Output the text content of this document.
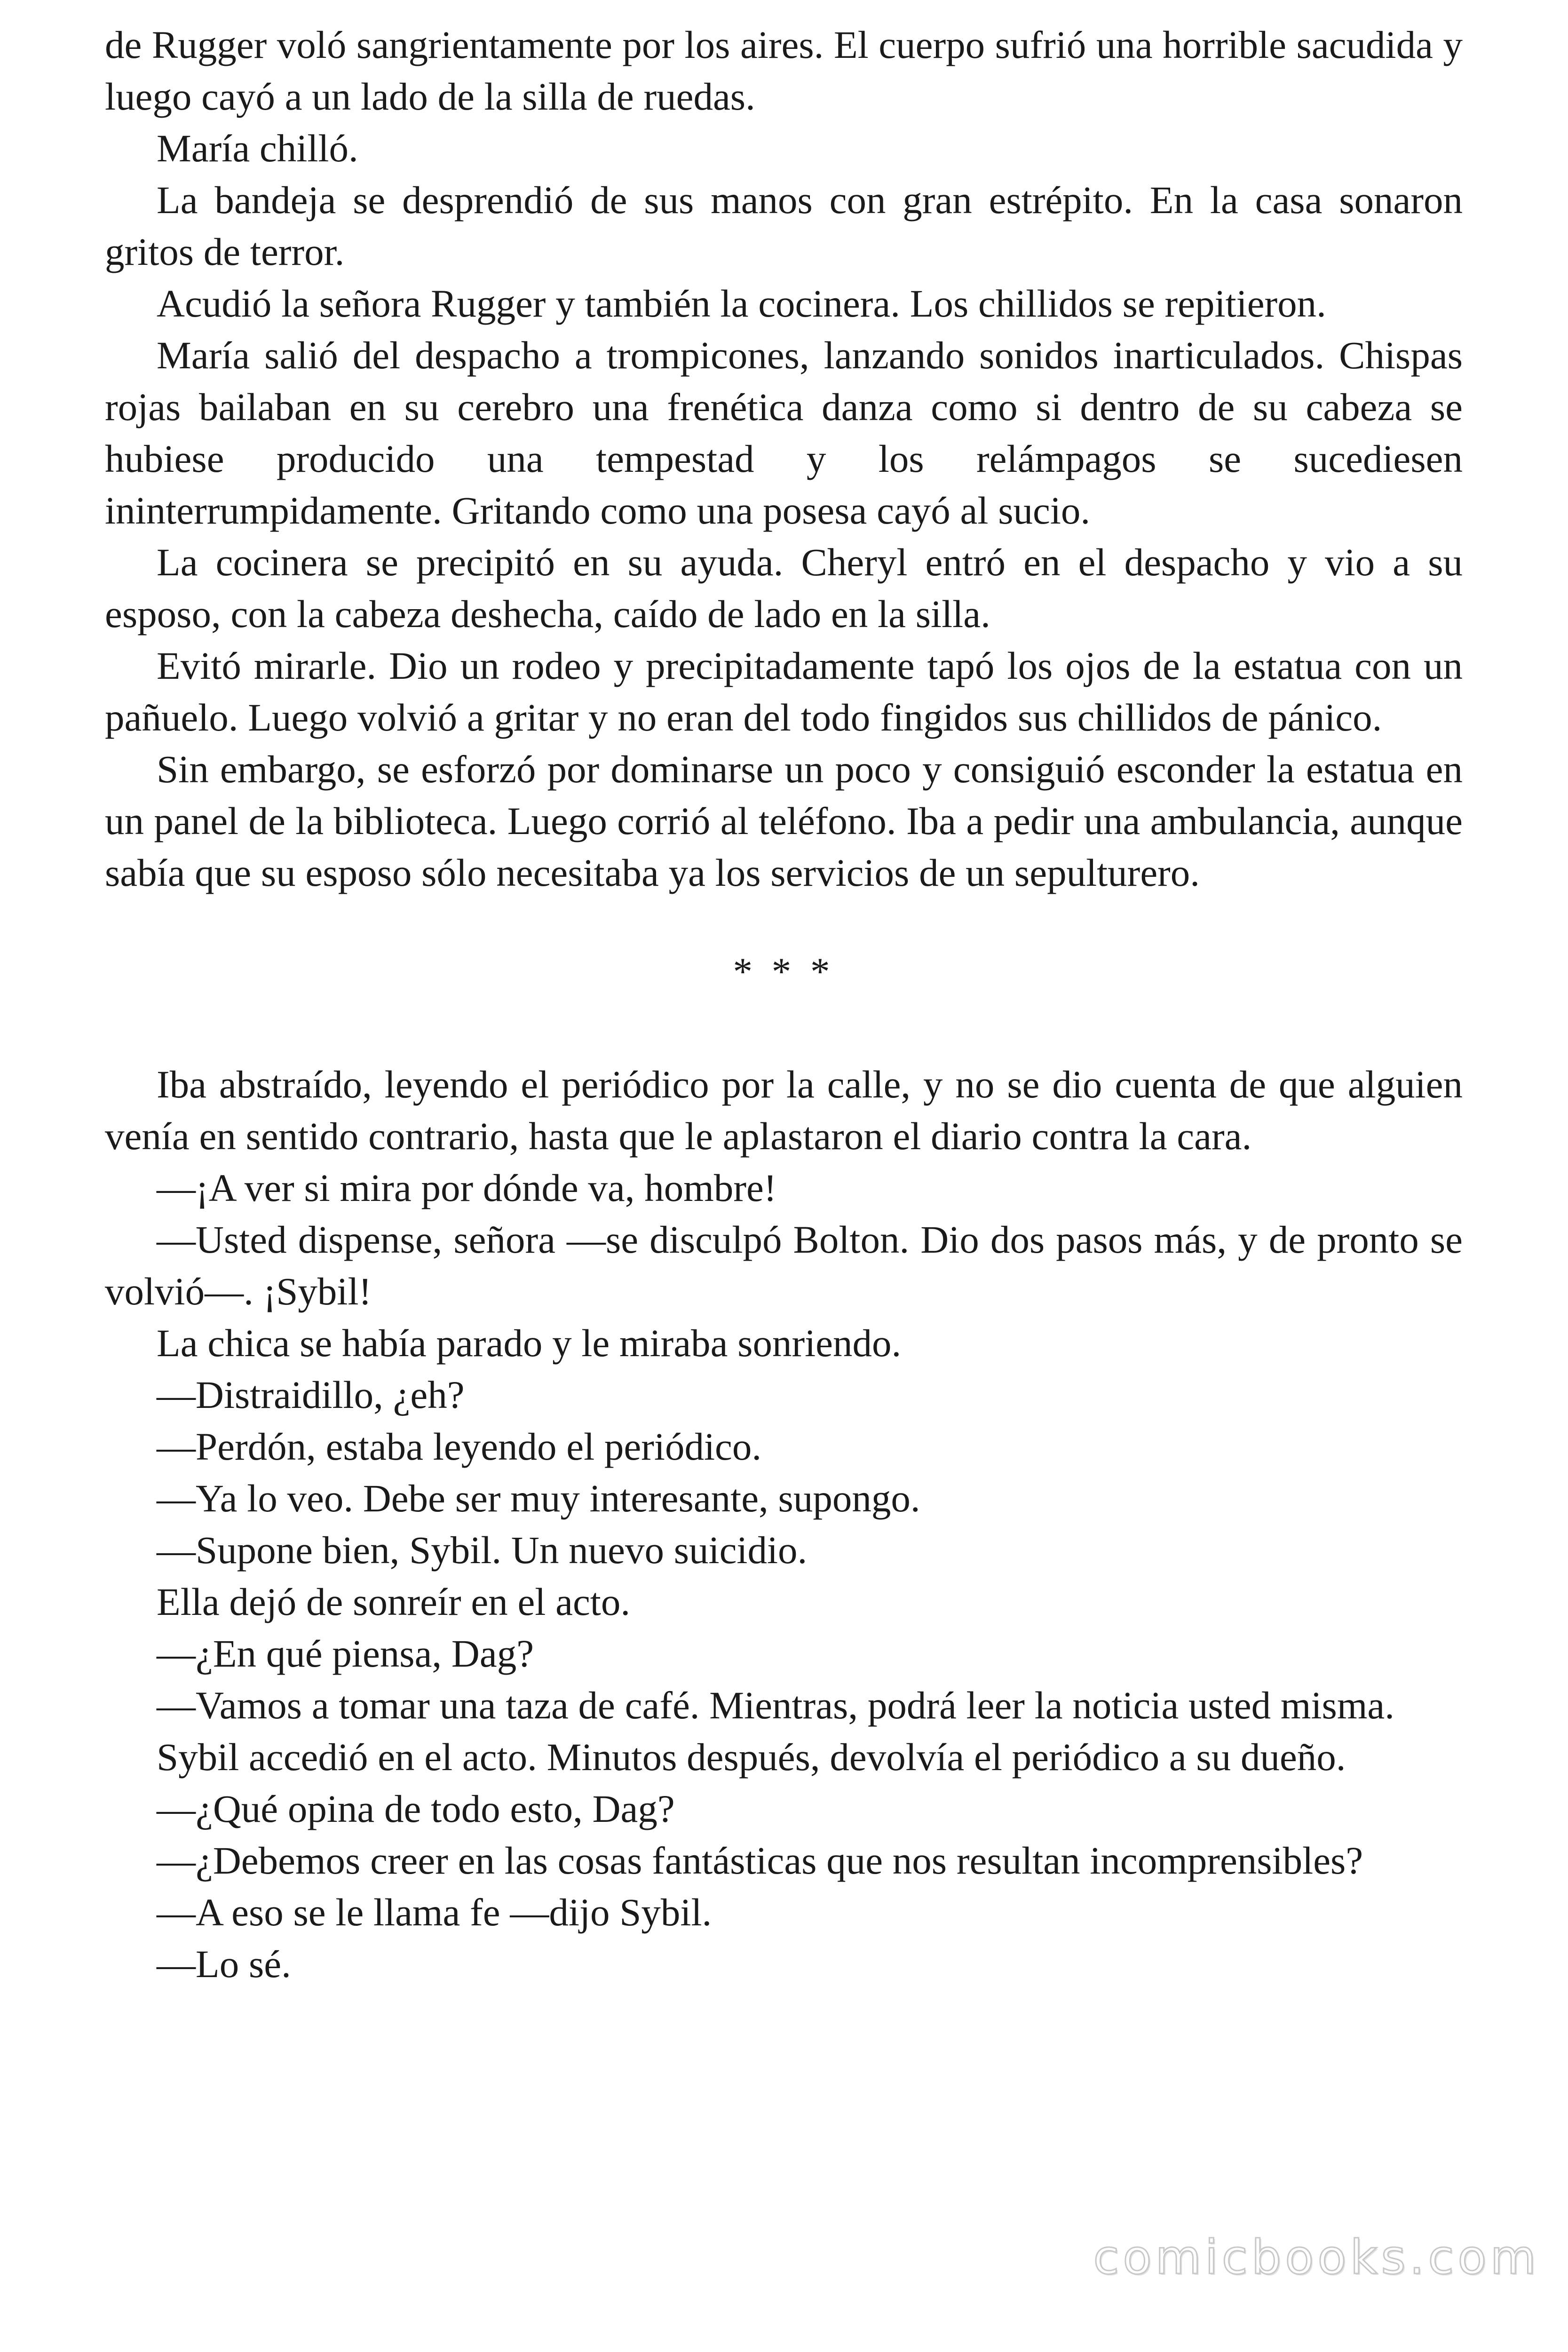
de Rugger voló sangrientamente por los aires. El cuerpo sufrió una horrible sacudida y luego cayó a un lado de la silla de ruedas.

María chilló.

La bandeja se desprendió de sus manos con gran estrépito. En la casa sonaron gritos de terror.

Acudió la señora Rugger y también la cocinera. Los chillidos se repitieron.

María salió del despacho a trompicones, lanzando sonidos inarticulados. Chispas rojas bailaban en su cerebro una frenética danza como si dentro de su cabeza se hubiese producido una tempestad y los relámpagos se sucediesen ininterrumpidamente. Gritando como una posesa cayó al sucio.

La cocinera se precipitó en su ayuda. Cheryl entró en el despacho y vio a su esposo, con la cabeza deshecha, caído de lado en la silla.

Evitó mirarle. Dio un rodeo y precipitadamente tapó los ojos de la estatua con un pañuelo. Luego volvió a gritar y no eran del todo fingidos sus chillidos de pánico.

Sin embargo, se esforzó por dominarse un poco y consiguió esconder la estatua en un panel de la biblioteca. Luego corrió al teléfono. Iba a pedir una ambulancia, aunque sabía que su esposo sólo necesitaba ya los servicios de un sepulturero.

* * *

Iba abstraído, leyendo el periódico por la calle, y no se dio cuenta de que alguien venía en sentido contrario, hasta que le aplastaron el diario contra la cara.

—¡A ver si mira por dónde va, hombre!

—Usted dispense, señora —se disculpó Bolton. Dio dos pasos más, y de pronto se volvió—. ¡Sybil!

La chica se había parado y le miraba sonriendo.

—Distraidillo, ¿eh?

—Perdón, estaba leyendo el periódico.

—Ya lo veo. Debe ser muy interesante, supongo.

—Supone bien, Sybil. Un nuevo suicidio.

Ella dejó de sonreír en el acto.

—¿En qué piensa, Dag?

—Vamos a tomar una taza de café. Mientras, podrá leer la noticia usted misma.

Sybil accedió en el acto. Minutos después, devolvía el periódico a su dueño.

—¿Qué opina de todo esto, Dag?

—¿Debemos creer en las cosas fantásticas que nos resultan incomprensibles?

—A eso se le llama fe —dijo Sybil.

—Lo sé.

comicbooks.com
